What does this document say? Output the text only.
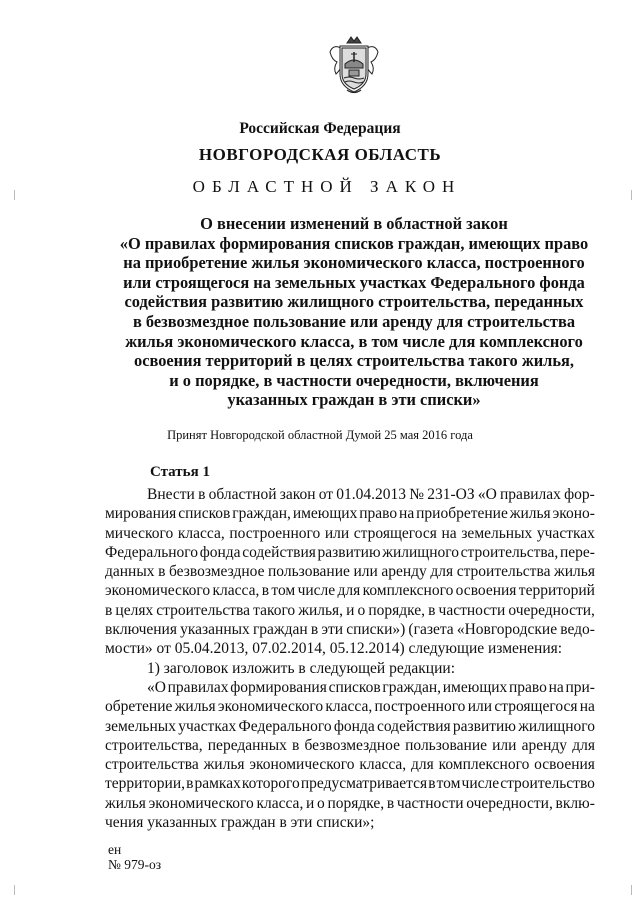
Российская Федерация
НОВГОРОДСКАЯ ОБЛАСТЬ
ОБЛАСТНОЙ ЗАКОН
О внесении изменений в областной закон
«О правилах формирования списков граждан, имеющих право
на приобретение жилья экономического класса, построенного
или строящегося на земельных участках Федерального фонда
содействия развитию жилищного строительства, переданных
в безвозмездное пользование или аренду для строительства
жилья экономического класса, в том числе для комплексного
освоения территорий в целях строительства такого жилья,
и о порядке, в частности очередности, включения
указанных граждан в эти списки»
Принят Новгородской областной Думой 25 мая 2016 года
Статья 1
Внести в областной закон от 01.04.2013 № 231-ОЗ «О правилах фор-
мирования списков граждан, имеющих право на приобретение жилья эконо-
мического класса, построенного или строящегося на земельных участках
Федерального фонда содействия развитию жилищного строительства, пере-
данных в безвозмездное пользование или аренду для строительства жилья
экономического класса, в том числе для комплексного освоения территорий
в целях строительства такого жилья, и о порядке, в частности очередности,
включения указанных граждан в эти списки») (газета «Новгородские ведо-
мости» от 05.04.2013, 07.02.2014, 05.12.2014) следующие изменения:
1) заголовок изложить в следующей редакции:
«О правилах формирования списков граждан, имеющих право на при-
обретение жилья экономического класса, построенного или строящегося на
земельных участках Федерального фонда содействия развитию жилищного
строительства, переданных в безвозмездное пользование или аренду для
строительства жилья экономического класса, для комплексного освоения
территории, в рамках которого предусматривается в том числе строительство
жилья экономического класса, и о порядке, в частности очередности, вклю-
чения указанных граждан в эти списки»;
ен
№ 979-оз
